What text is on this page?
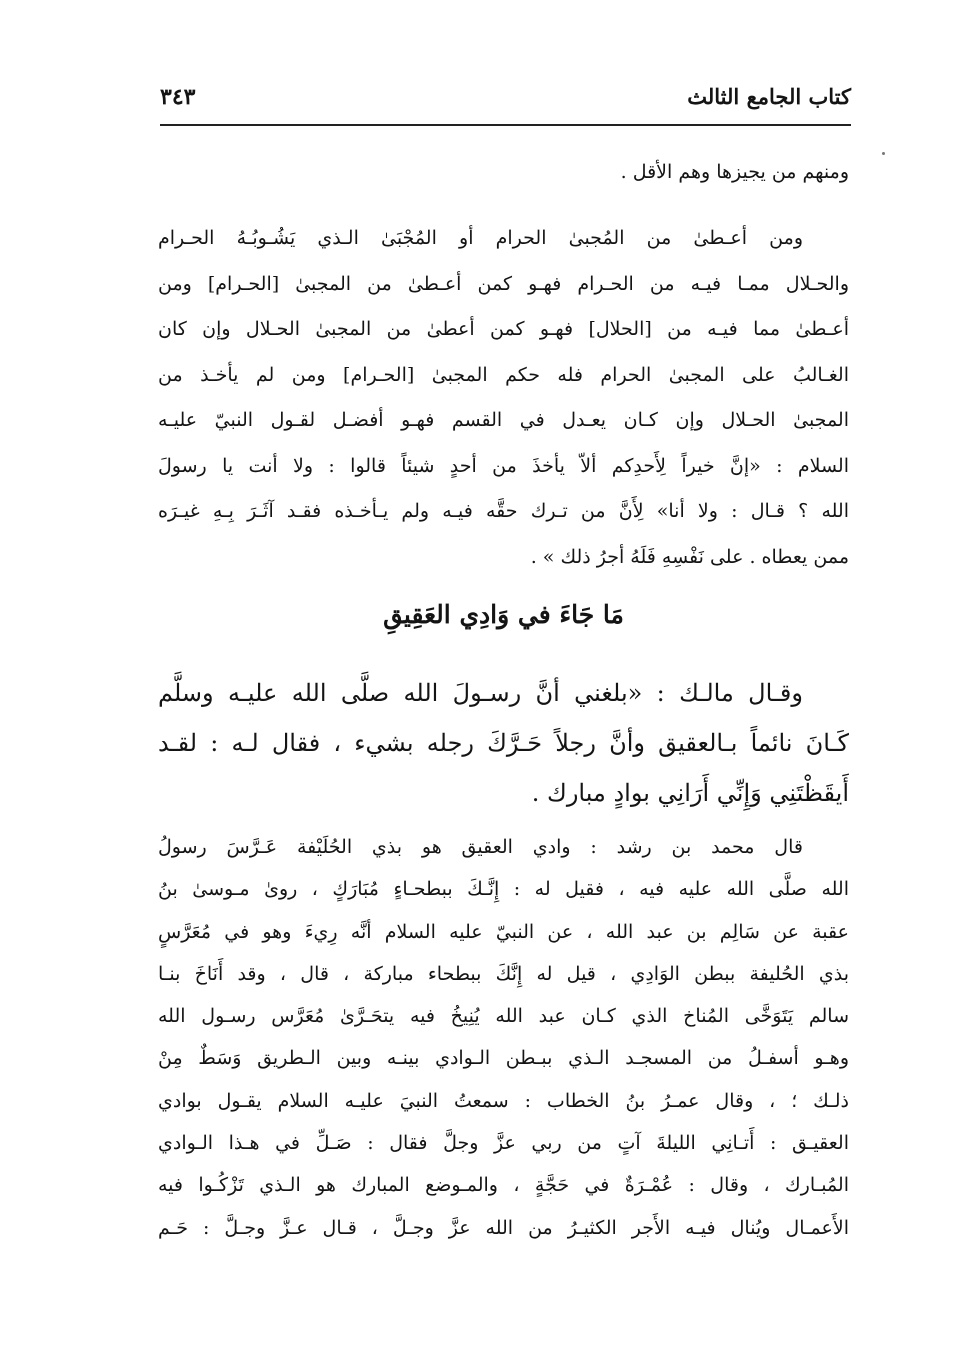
كتاب الجامع الثالث
٣٤٣
ومنهم من يجيزها وهم الأقل .
ومن أعـطىٰ من المُجبىٰ الحرام أو المُجْبَىٰ الـذي يَشُـوبُـهُ الحـرام
والحـلال ممـا فيـه من الحـرام فهـو كمن أعـطىٰ من المجبىٰ [الحـرام] ومن
أعـطىٰ مما فيـه من [الحلال] فهـو كمن أعطىٰ من المجبىٰ الحـلال وإن كان
الغـالبُ على المجبىٰ الحرام فله حكم المجبىٰ [الحـرام] ومن لم يأخـذ من
المجبىٰ الحـلال وإن كـان يعـدل في القسم فهـو أفضـل لقـول النبيّ عليـه
السلام : «إنَّ خيراً لِأَحدِكم ألاّ يأخذَ من أحدٍ شيئاً قالوا : ولا أنت يا رسولَ
الله ؟ قـال : ولا أنا» لِأَنَّ من تـرك حقَّه فيـه ولم يـأخـذه فقـد آثَـرَ بِـهِ غيـرَه
ممن يعطاه . على نَفْسِهِ فَلَهُ أجرُ ذلك » .
مَا جَاءَ في وَادِي العَقِيقِ
وقـال مالـك : «بلغني أنَّ رسـولَ الله صلَّى الله عليـه وسلَّم
كَـانَ نائماً بـالعقيق وأنَّ رجلاً حَـرَّكَ رجله بشيء ، فقال لـه : لقـد
أَيقَظْتَنِي وَإِنِّي أَرَانِي بوادٍ مبارك .
قال محمد بن رشد : وادي العقيق هو بذي الحُلَيْفة عَـرَّسَ رسولُ
الله صلَّى الله عليه فيه ، فقيل له : إِنَّـكَ ببطحـاءٍ مُبَارَكٍ ، روىٰ مـوسىٰ بنُ
عقبة عن سَالِم بن عبد الله ، عن النبيّ عليه السلام أنَّه رِيءَ وهو في مُعَرَّسٍ
بذي الحُليفة ببطن الوَادِي ، قيل له إِنَّكَ ببطحاء مباركة ، قال ، وقد أَنَاخَ بنـا
سالم يَتَوَخَّى المُناخ الذي كـان عبد الله يُنِيخُ فيه يتحَـرَّىٰ مُعَرَّس رسـول الله
وهـو أسفـلُ من المسجـد الـذي ببـطن الـوادي بينـه وبين الـطريق وَسَطٌ مِنْ
ذلـك ؛ ، وقال عمـرُ بنُ الخطاب : سمعتُ النبيَ عليـه السلام يقـول بوادي
العقيـق : أَتـانِي الليلةَ آتٍ من ربي عزَّ وجلَّ فقال : صَـلِّ في هـذا الـوادي
المُبـارك ، وقال : عُمْـرَةٌ في حَجَّةٍ ، والمـوضع المبارك هو الـذي تَزْكُـوا فيه
الأَعمـال ويُنال فيـه الأَجر الكثيـرُ من الله عزَّ وجـلَّ ، قـال عـزَّ وجـلَّ : حَـم
